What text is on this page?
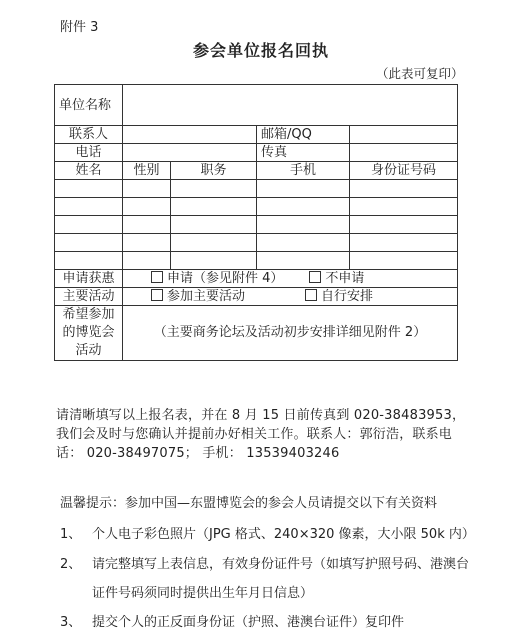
附件 3
参会单位报名回执
（此表可复印）
单位名称				
联系人			邮箱/QQ	
电话			传真	
姓名	性别	职务	手机	身份证号码

申请获惠	申请（参见附件 4） 不申请			
主要活动	参加主要活动 自行安排			
希望参加的博览会活动	（主要商务论坛及活动初步安排详细见附件 2）			
请清晰填写以上报名表，并在 8 月 15 日前传真到 020-38483953，我们会及时与您确认并提前办好相关工作。联系人：郭衍浩，联系电话： 020-38497075； 手机： 13539403246
温馨提示：参加中国—东盟博览会的参会人员请提交以下有关资料
1、 个人电子彩色照片（JPG 格式、240×320 像素，大小限 50k 内）
2、 请完整填写上表信息，有效身份证件号（如填写护照号码、港澳台
证件号码须同时提供出生年月日信息）
3、 提交个人的正反面身份证（护照、港澳台证件）复印件
